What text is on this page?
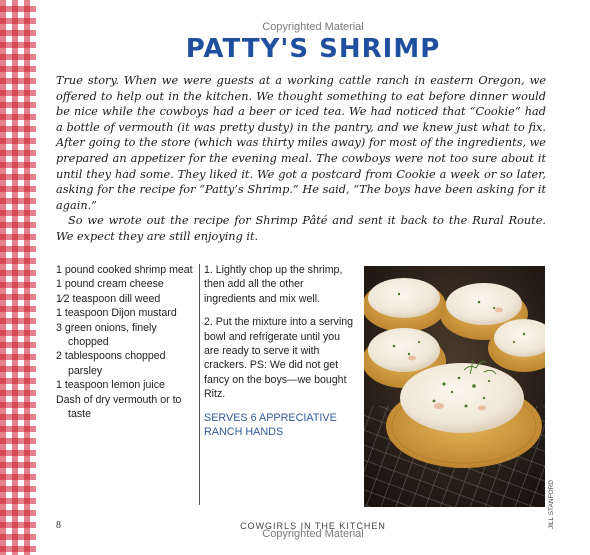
Copyrighted Material
PATTY'S SHRIMP

True story. When we were guests at a working cattle ranch in eastern Oregon, we offered to help out in the kitchen. We thought something to eat before dinner would be nice while the cowboys had a beer or iced tea. We had noticed that “Cookie” had a bottle of vermouth (it was pretty dusty) in the pantry, and we knew just what to fix. After going to the store (which was thirty miles away) for most of the ingredients, we prepared an appetizer for the evening meal. The cowboys were not too sure about it until they had some. They liked it. We got a postcard from Cookie a week or so later, asking for the recipe for “Patty’s Shrimp.” He said, “The boys have been asking for it again.”

So we wrote out the recipe for Shrimp Pâté and sent it back to the Rural Route. We expect they are still enjoying it.

1 pound cooked shrimp meat
1 pound cream cheese
1⁄2 teaspoon dill weed
1 teaspoon Dijon mustard
3 green onions, finely chopped
2 tablespoons chopped parsley
1 teaspoon lemon juice
Dash of dry vermouth or to taste

1. Lightly chop up the shrimp, then add all the other ingredients and mix well.

2. Put the mixture into a serving bowl and refrigerate until you are ready to serve it with crackers. PS: We did not get fancy on the boys—we bought Ritz.

SERVES 6 APPRECIATIVE RANCH HANDS
JILL STANFORD
8	COWGIRLS IN THE KITCHEN
Copyrighted Material
